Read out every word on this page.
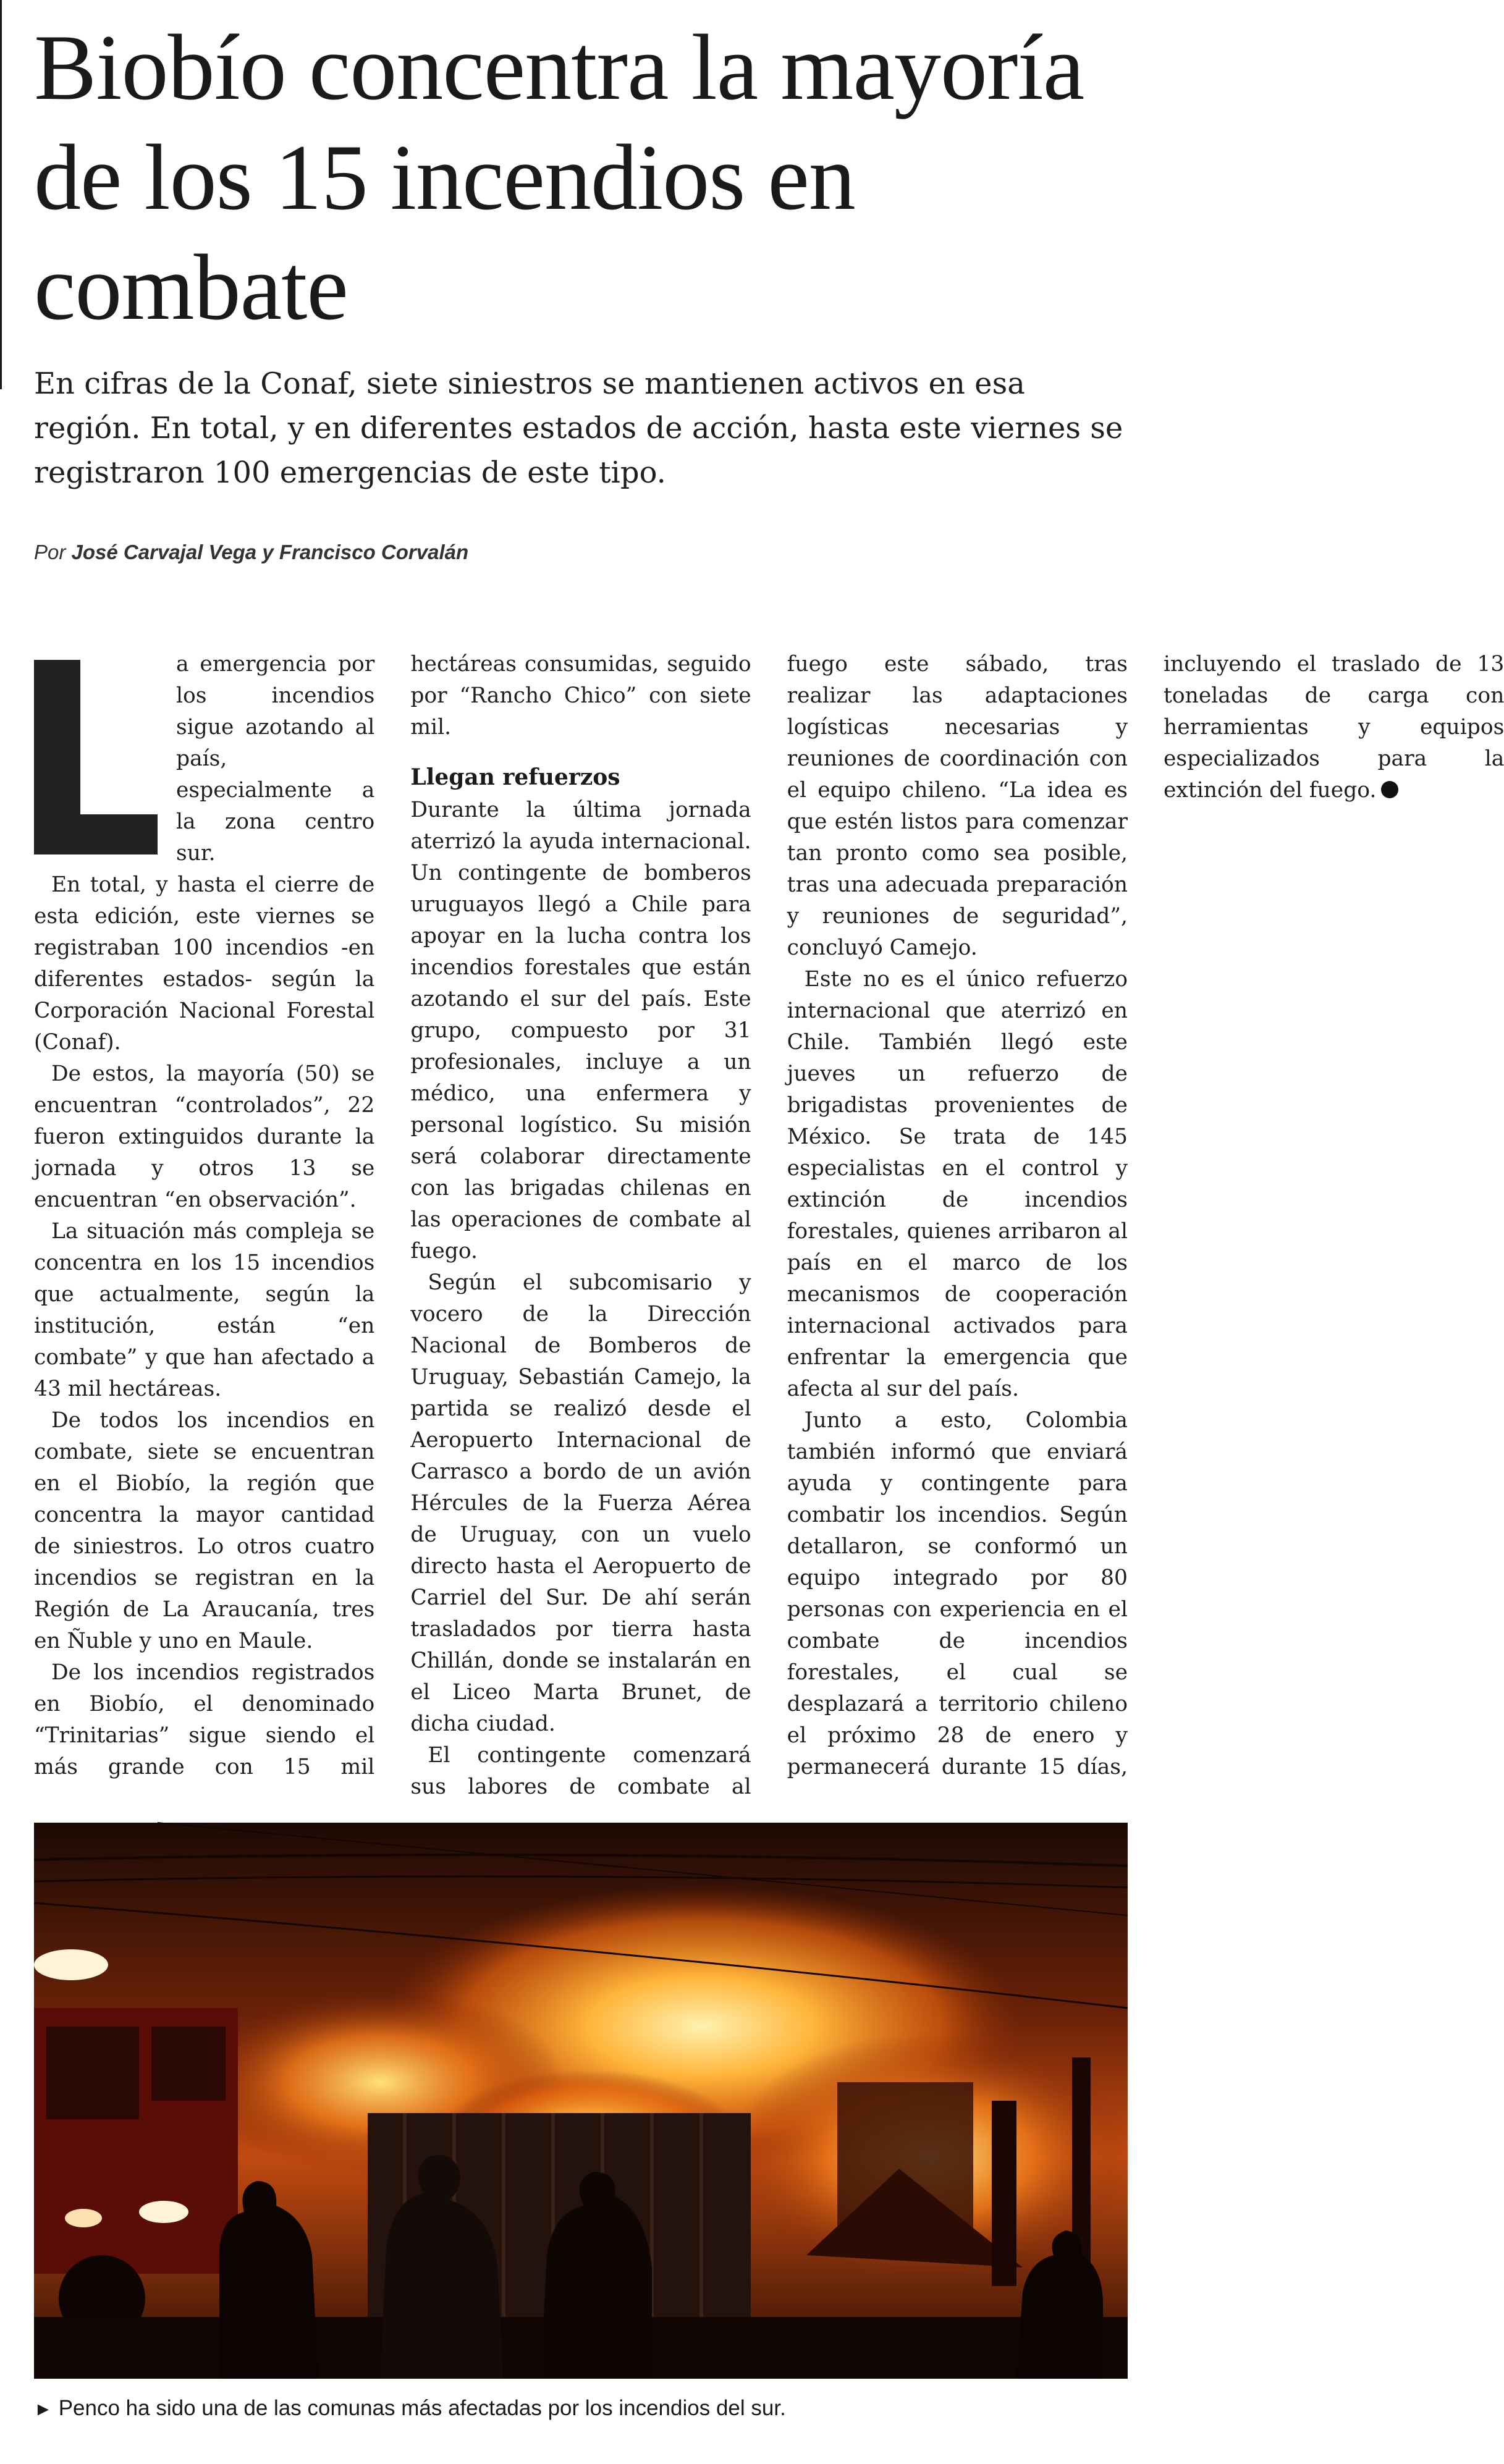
Biobío concentra la mayoría de los 15 incendios en combate

En cifras de la Conaf, siete siniestros se mantienen activos en esa región. En total, y en diferentes estados de acción, hasta este viernes se registraron 100 emergencias de este tipo.

Por José Carvajal Vega y Francisco Corvalán

a emergencia por los incendios sigue azotando al país, especialmente a la zona centro sur.

En total, y hasta el cierre de esta edición, este viernes se registraban 100 incendios -en diferentes estados- según la Corporación Nacional Forestal (Conaf).

De estos, la mayoría (50) se encuentran “controlados”, 22 fueron extinguidos durante la jornada y otros 13 se encuentran “en observación”.

La situación más compleja se concentra en los 15 incendios que actualmente, según la institución, están “en combate” y que han afectado a 43 mil hectáreas.

De todos los incendios en combate, siete se encuentran en el Biobío, la región que concentra la mayor cantidad de siniestros. Lo otros cuatro incendios se registran en la Región de La Araucanía, tres en Ñuble y uno en Maule.

De los incendios registrados en Biobío, el denominado “Trinitarias” sigue siendo el más grande con 15 mil hectáreas consumidas, seguido por “Rancho Chico” con siete mil.

Llegan refuerzos

Durante la última jornada aterrizó la ayuda internacional. Un contingente de bomberos uruguayos llegó a Chile para apoyar en la lucha contra los incendios forestales que están azotando el sur del país. Este grupo, compuesto por 31 profesionales, incluye a un médico, una enfermera y personal logístico. Su misión será colaborar directamente con las brigadas chilenas en las operaciones de combate al fuego.

Según el subcomisario y vocero de la Dirección Nacional de Bomberos de Uruguay, Sebastián Camejo, la partida se realizó desde el Aeropuerto Internacional de Carrasco a bordo de un avión Hércules de la Fuerza Aérea de Uruguay, con un vuelo directo hasta el Aeropuerto de Carriel del Sur. De ahí serán trasladados por tierra hasta Chillán, donde se instalarán en el Liceo Marta Brunet, de dicha ciudad.

El contingente comenzará sus labores de combate al fuego este sábado, tras realizar las adaptaciones logísticas necesarias y reuniones de coordinación con el equipo chileno. “La idea es que estén listos para comenzar tan pronto como sea posible, tras una adecuada preparación y reuniones de seguridad”, concluyó Camejo.

Este no es el único refuerzo internacional que aterrizó en Chile. También llegó este jueves un refuerzo de brigadistas provenientes de México. Se trata de 145 especialistas en el control y extinción de incendios forestales, quienes arribaron al país en el marco de los mecanismos de cooperación internacional activados para enfrentar la emergencia que afecta al sur del país.

Junto a esto, Colombia también informó que enviará ayuda y contingente para combatir los incendios. Según detallaron, se conformó un equipo integrado por 80 personas con experiencia en el combate de incendios forestales, el cual se desplazará a territorio chileno el próximo 28 de enero y permanecerá durante 15 días, incluyendo el traslado de 13 toneladas de carga con herramientas y equipos especializados para la extinción del fuego.

► Penco ha sido una de las comunas más afectadas por los incendios del sur.
